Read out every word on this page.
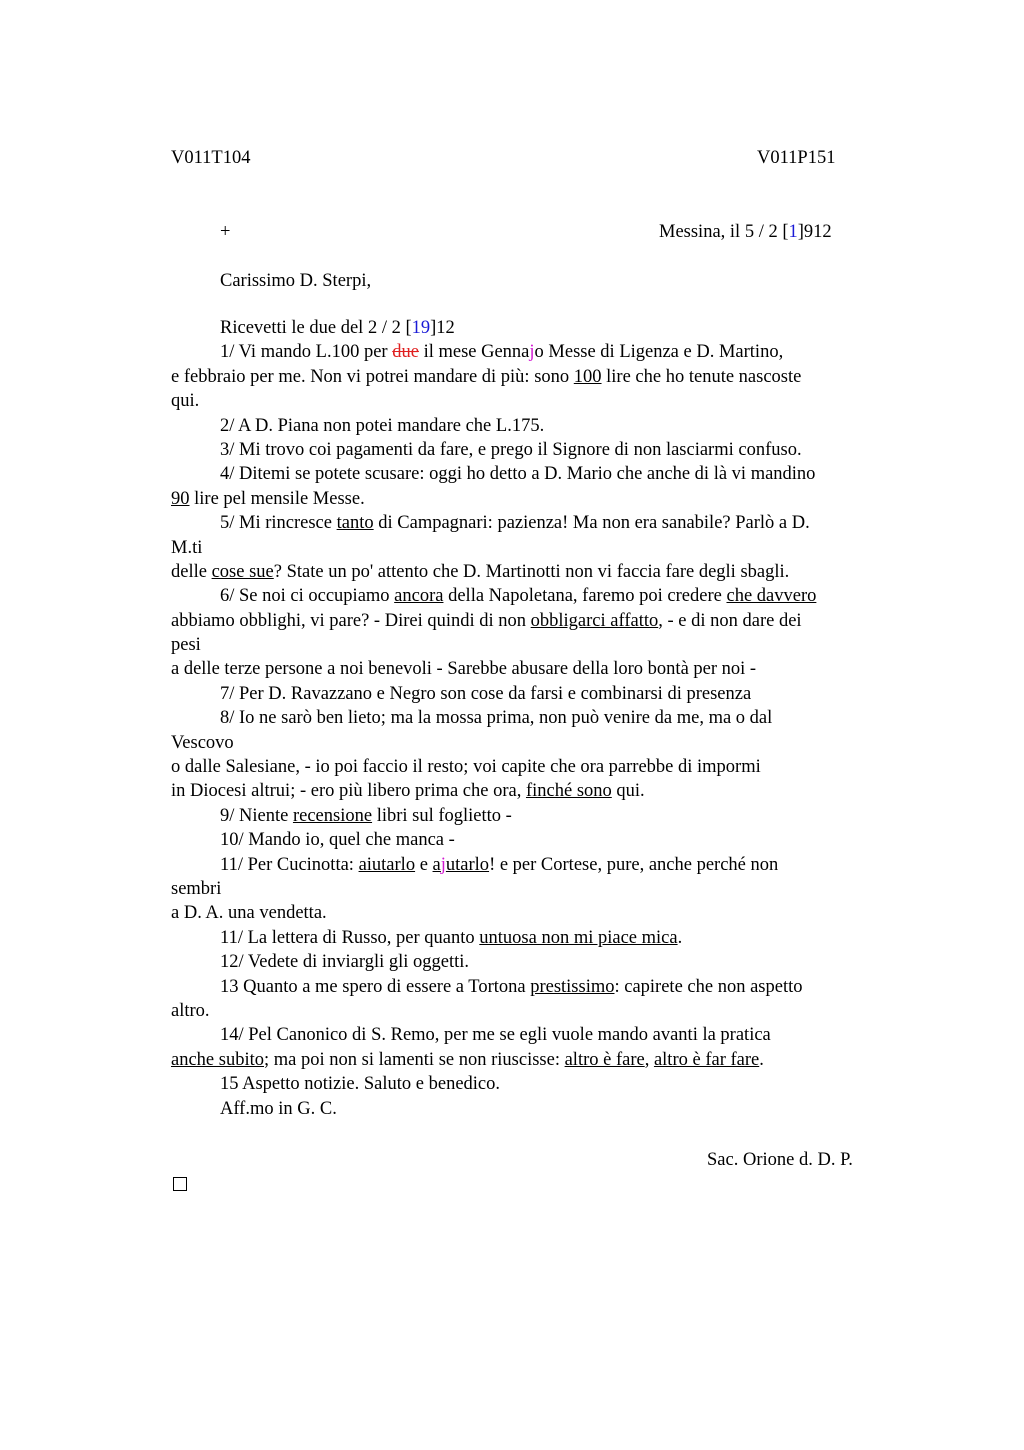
V011T104	V011P151
+	Messina, il 5 / 2 [1]912
Carissimo D. Sterpi,
Ricevetti le due del 2 / 2 [19]12
1/ Vi mando L.100 per due il mese Gennajo Messe di Ligenza e D. Martino,
e febbraio per me. Non vi potrei mandare di più: sono 100 lire che ho tenute nascoste
qui.
2/ A D. Piana non potei mandare che L.175.
3/ Mi trovo coi pagamenti da fare, e prego il Signore di non lasciarmi confuso.
4/ Ditemi se potete scusare: oggi ho detto a D. Mario che anche di là vi mandino
90 lire pel mensile Messe.
5/ Mi rincresce tanto di Campagnari: pazienza! Ma non era sanabile? Parlò a D.
M.ti
delle cose sue? State un po' attento che D. Martinotti non vi faccia fare degli sbagli.
6/ Se noi ci occupiamo ancora della Napoletana, faremo poi credere che davvero
abbiamo obblighi, vi pare? - Direi quindi di non obbligarci affatto, - e di non dare dei
pesi
a delle terze persone a noi benevoli - Sarebbe abusare della loro bontà per noi -
7/ Per D. Ravazzano e Negro son cose da farsi e combinarsi di presenza
8/ Io ne sarò ben lieto; ma la mossa prima, non può venire da me, ma o dal
Vescovo
o dalle Salesiane, - io poi faccio il resto; voi capite che ora parrebbe di impormi
in Diocesi altrui; - ero più libero prima che ora, finché sono qui.
9/ Niente recensione libri sul foglietto -
10/ Mando io, quel che manca -
11/ Per Cucinotta: aiutarlo e ajutarlo! e per Cortese, pure, anche perché non
sembri
a D. A. una vendetta.
11/ La lettera di Russo, per quanto untuosa non mi piace mica.
12/ Vedete di inviargli gli oggetti.
13 Quanto a me spero di essere a Tortona prestissimo: capirete che non aspetto
altro.
14/ Pel Canonico di S. Remo, per me se egli vuole mando avanti la pratica
anche subito; ma poi non si lamenti se non riuscisse: altro è fare, altro è far fare.
15 Aspetto notizie. Saluto e benedico.
Aff.mo in G. C.
Sac. Orione d. D. P.
